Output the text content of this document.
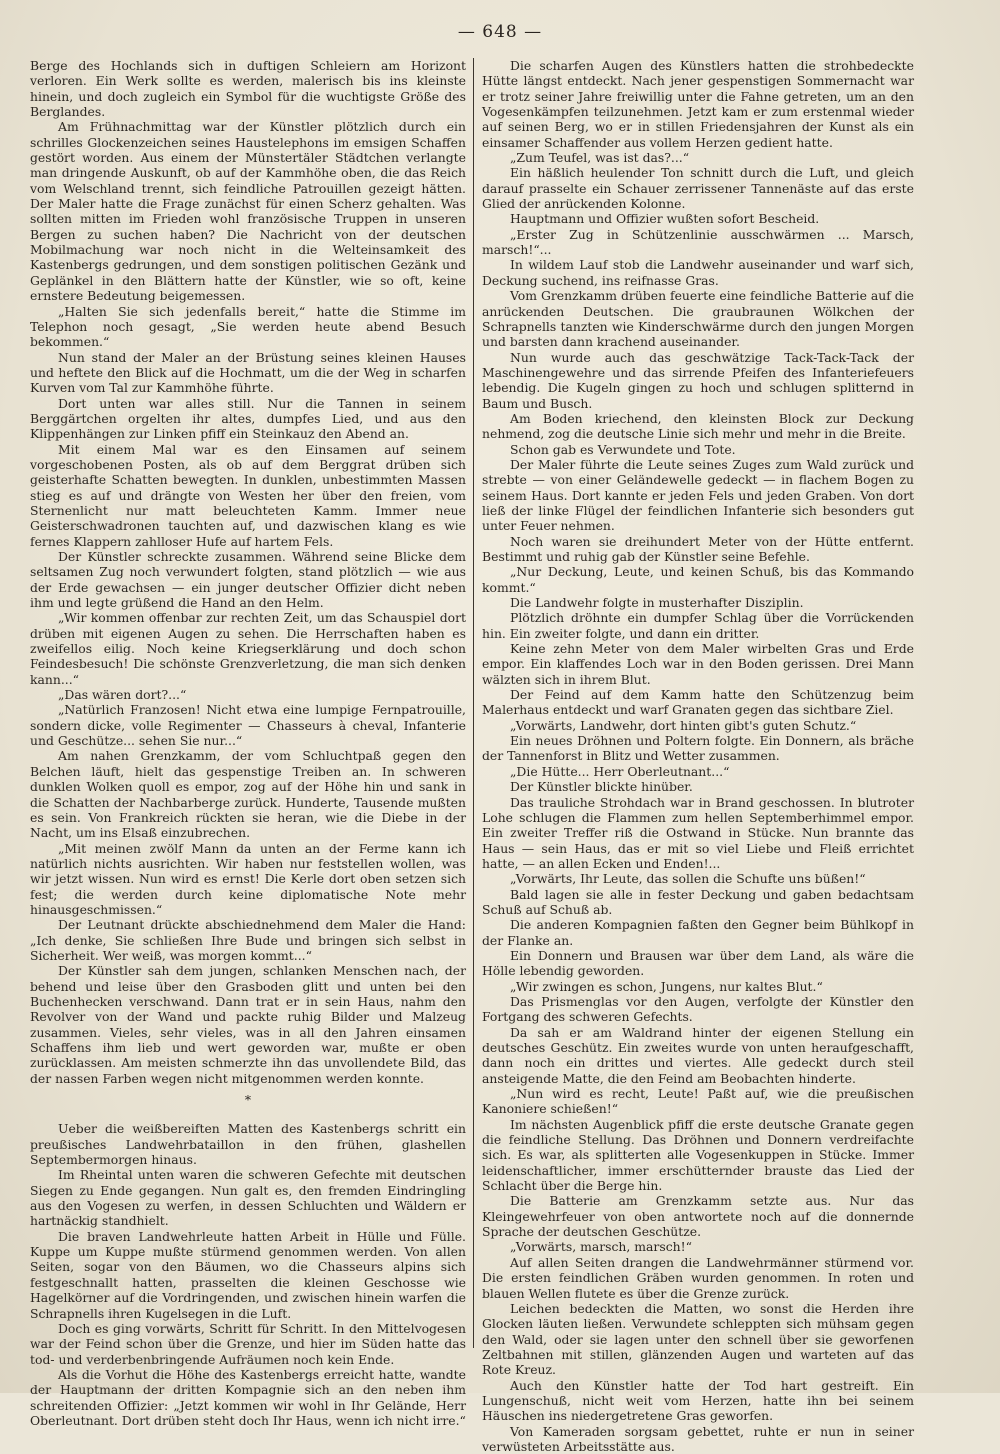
— 648 —

Berge des Hochlands sich in duftigen Schleiern am Horizont verloren. Ein Werk sollte es werden, malerisch bis ins kleinste hinein, und doch zugleich ein Symbol für die wuchtigste Größe des Berglandes.

Am Frühnachmittag war der Künstler plötzlich durch ein schrilles Glockenzeichen seines Haustelephons im emsigen Schaffen gestört worden. Aus einem der Münstertäler Städtchen verlangte man dringende Auskunft, ob auf der Kammhöhe oben, die das Reich vom Welschland trennt, sich feindliche Patrouillen gezeigt hätten. Der Maler hatte die Frage zunächst für einen Scherz gehalten. Was sollten mitten im Frieden wohl französische Truppen in unseren Bergen zu suchen haben? Die Nachricht von der deutschen Mobilmachung war noch nicht in die Welteinsamkeit des Kastenbergs gedrungen, und dem sonstigen politischen Gezänk und Geplänkel in den Blättern hatte der Künstler, wie so oft, keine ernstere Bedeutung beigemessen.

„Halten Sie sich jedenfalls bereit,“ hatte die Stimme im Telephon noch gesagt, „Sie werden heute abend Besuch bekommen.“

Nun stand der Maler an der Brüstung seines kleinen Hauses und heftete den Blick auf die Hochmatt, um die der Weg in scharfen Kurven vom Tal zur Kammhöhe führte.

Dort unten war alles still. Nur die Tannen in seinem Berggärtchen orgelten ihr altes, dumpfes Lied, und aus den Klippenhängen zur Linken pfiff ein Steinkauz den Abend an.

Mit einem Mal war es den Einsamen auf seinem vorgeschobenen Posten, als ob auf dem Berggrat drüben sich geisterhafte Schatten bewegten. In dunklen, unbestimmten Massen stieg es auf und drängte von Westen her über den freien, vom Sternenlicht nur matt beleuchteten Kamm. Immer neue Geisterschwadronen tauchten auf, und dazwischen klang es wie fernes Klappern zahlloser Hufe auf hartem Fels.

Der Künstler schreckte zusammen. Während seine Blicke dem seltsamen Zug noch verwundert folgten, stand plötzlich — wie aus der Erde gewachsen — ein junger deutscher Offizier dicht neben ihm und legte grüßend die Hand an den Helm.

„Wir kommen offenbar zur rechten Zeit, um das Schauspiel dort drüben mit eigenen Augen zu sehen. Die Herrschaften haben es zweifellos eilig. Noch keine Kriegserklärung und doch schon Feindesbesuch! Die schönste Grenzverletzung, die man sich denken kann...“

„Das wären dort?...“

„Natürlich Franzosen! Nicht etwa eine lumpige Fernpatrouille, sondern dicke, volle Regimenter — Chasseurs à cheval, Infanterie und Geschütze... sehen Sie nur...“

Am nahen Grenzkamm, der vom Schluchtpaß gegen den Belchen läuft, hielt das gespenstige Treiben an. In schweren dunklen Wolken quoll es empor, zog auf der Höhe hin und sank in die Schatten der Nachbarberge zurück. Hunderte, Tausende mußten es sein. Von Frankreich rückten sie heran, wie die Diebe in der Nacht, um ins Elsaß einzubrechen.

„Mit meinen zwölf Mann da unten an der Ferme kann ich natürlich nichts ausrichten. Wir haben nur feststellen wollen, was wir jetzt wissen. Nun wird es ernst! Die Kerle dort oben setzen sich fest; die werden durch keine diplomatische Note mehr hinausgeschmissen.“

Der Leutnant drückte abschiednehmend dem Maler die Hand: „Ich denke, Sie schließen Ihre Bude und bringen sich selbst in Sicherheit. Wer weiß, was morgen kommt...“

Der Künstler sah dem jungen, schlanken Menschen nach, der behend und leise über den Grasboden glitt und unten bei den Buchenhecken verschwand. Dann trat er in sein Haus, nahm den Revolver von der Wand und packte ruhig Bilder und Malzeug zusammen. Vieles, sehr vieles, was in all den Jahren einsamen Schaffens ihm lieb und wert geworden war, mußte er oben zurücklassen. Am meisten schmerzte ihn das unvollendete Bild, das der nassen Farben wegen nicht mitgenommen werden konnte.

*

Ueber die weißbereiften Matten des Kastenbergs schritt ein preußisches Landwehrbataillon in den frühen, glashellen Septembermorgen hinaus.

Im Rheintal unten waren die schweren Gefechte mit deutschen Siegen zu Ende gegangen. Nun galt es, den fremden Eindringling aus den Vogesen zu werfen, in dessen Schluchten und Wäldern er hartnäckig standhielt.

Die braven Landwehrleute hatten Arbeit in Hülle und Fülle. Kuppe um Kuppe mußte stürmend genommen werden. Von allen Seiten, sogar von den Bäumen, wo die Chasseurs alpins sich festgeschnallt hatten, prasselten die kleinen Geschosse wie Hagelkörner auf die Vordringenden, und zwischen hinein warfen die Schrapnells ihren Kugelsegen in die Luft.

Doch es ging vorwärts, Schritt für Schritt. In den Mittelvogesen war der Feind schon über die Grenze, und hier im Süden hatte das tod- und verderbenbringende Aufräumen noch kein Ende.

Als die Vorhut die Höhe des Kastenbergs erreicht hatte, wandte der Hauptmann der dritten Kompagnie sich an den neben ihm schreitenden Offizier: „Jetzt kommen wir wohl in Ihr Gelände, Herr Oberleutnant. Dort drüben steht doch Ihr Haus, wenn ich nicht irre.“

Die scharfen Augen des Künstlers hatten die strohbedeckte Hütte längst entdeckt. Nach jener gespenstigen Sommernacht war er trotz seiner Jahre freiwillig unter die Fahne getreten, um an den Vogesenkämpfen teilzunehmen. Jetzt kam er zum erstenmal wieder auf seinen Berg, wo er in stillen Friedensjahren der Kunst als ein einsamer Schaffender aus vollem Herzen gedient hatte.

„Zum Teufel, was ist das?...“

Ein häßlich heulender Ton schnitt durch die Luft, und gleich darauf prasselte ein Schauer zerrissener Tannenäste auf das erste Glied der anrückenden Kolonne.

Hauptmann und Offizier wußten sofort Bescheid.

„Erster Zug in Schützenlinie ausschwärmen ... Marsch, marsch!“...

In wildem Lauf stob die Landwehr auseinander und warf sich, Deckung suchend, ins reifnasse Gras.

Vom Grenzkamm drüben feuerte eine feindliche Batterie auf die anrückenden Deutschen. Die graubraunen Wölkchen der Schrapnells tanzten wie Kinderschwärme durch den jungen Morgen und barsten dann krachend auseinander.

Nun wurde auch das geschwätzige Tack-Tack-Tack der Maschinengewehre und das sirrende Pfeifen des Infanteriefeuers lebendig. Die Kugeln gingen zu hoch und schlugen splitternd in Baum und Busch.

Am Boden kriechend, den kleinsten Block zur Deckung nehmend, zog die deutsche Linie sich mehr und mehr in die Breite.

Schon gab es Verwundete und Tote.

Der Maler führte die Leute seines Zuges zum Wald zurück und strebte — von einer Geländewelle gedeckt — in flachem Bogen zu seinem Haus. Dort kannte er jeden Fels und jeden Graben. Von dort ließ der linke Flügel der feindlichen Infanterie sich besonders gut unter Feuer nehmen.

Noch waren sie dreihundert Meter von der Hütte entfernt. Bestimmt und ruhig gab der Künstler seine Befehle.

„Nur Deckung, Leute, und keinen Schuß, bis das Kommando kommt.“

Die Landwehr folgte in musterhafter Disziplin.

Plötzlich dröhnte ein dumpfer Schlag über die Vorrückenden hin. Ein zweiter folgte, und dann ein dritter.

Keine zehn Meter von dem Maler wirbelten Gras und Erde empor. Ein klaffendes Loch war in den Boden gerissen. Drei Mann wälzten sich in ihrem Blut.

Der Feind auf dem Kamm hatte den Schützenzug beim Malerhaus entdeckt und warf Granaten gegen das sichtbare Ziel.

„Vorwärts, Landwehr, dort hinten gibt's guten Schutz.“

Ein neues Dröhnen und Poltern folgte. Ein Donnern, als bräche der Tannenforst in Blitz und Wetter zusammen.

„Die Hütte... Herr Oberleutnant...“

Der Künstler blickte hinüber.

Das trauliche Strohdach war in Brand geschossen. In blutroter Lohe schlugen die Flammen zum hellen Septemberhimmel empor. Ein zweiter Treffer riß die Ostwand in Stücke. Nun brannte das Haus — sein Haus, das er mit so viel Liebe und Fleiß errichtet hatte, — an allen Ecken und Enden!...

„Vorwärts, Ihr Leute, das sollen die Schufte uns büßen!“

Bald lagen sie alle in fester Deckung und gaben bedachtsam Schuß auf Schuß ab.

Die anderen Kompagnien faßten den Gegner beim Bühlkopf in der Flanke an.

Ein Donnern und Brausen war über dem Land, als wäre die Hölle lebendig geworden.

„Wir zwingen es schon, Jungens, nur kaltes Blut.“

Das Prismenglas vor den Augen, verfolgte der Künstler den Fortgang des schweren Gefechts.

Da sah er am Waldrand hinter der eigenen Stellung ein deutsches Geschütz. Ein zweites wurde von unten heraufgeschafft, dann noch ein drittes und viertes. Alle gedeckt durch steil ansteigende Matte, die den Feind am Beobachten hinderte.

„Nun wird es recht, Leute! Paßt auf, wie die preußischen Kanoniere schießen!“

Im nächsten Augenblick pfiff die erste deutsche Granate gegen die feindliche Stellung. Das Dröhnen und Donnern verdreifachte sich. Es war, als splitterten alle Vogesenkuppen in Stücke. Immer leidenschaftlicher, immer erschütternder brauste das Lied der Schlacht über die Berge hin.

Die Batterie am Grenzkamm setzte aus. Nur das Kleingewehrfeuer von oben antwortete noch auf die donnernde Sprache der deutschen Geschütze.

„Vorwärts, marsch, marsch!“

Auf allen Seiten drangen die Landwehrmänner stürmend vor. Die ersten feindlichen Gräben wurden genommen. In roten und blauen Wellen flutete es über die Grenze zurück.

Leichen bedeckten die Matten, wo sonst die Herden ihre Glocken läuten ließen. Verwundete schleppten sich mühsam gegen den Wald, oder sie lagen unter den schnell über sie geworfenen Zeltbahnen mit stillen, glänzenden Augen und warteten auf das Rote Kreuz.

Auch den Künstler hatte der Tod hart gestreift. Ein Lungenschuß, nicht weit vom Herzen, hatte ihn bei seinem Häuschen ins niedergetretene Gras geworfen.

Von Kameraden sorgsam gebettet, ruhte er nun in seiner verwüsteten Arbeitsstätte aus.
